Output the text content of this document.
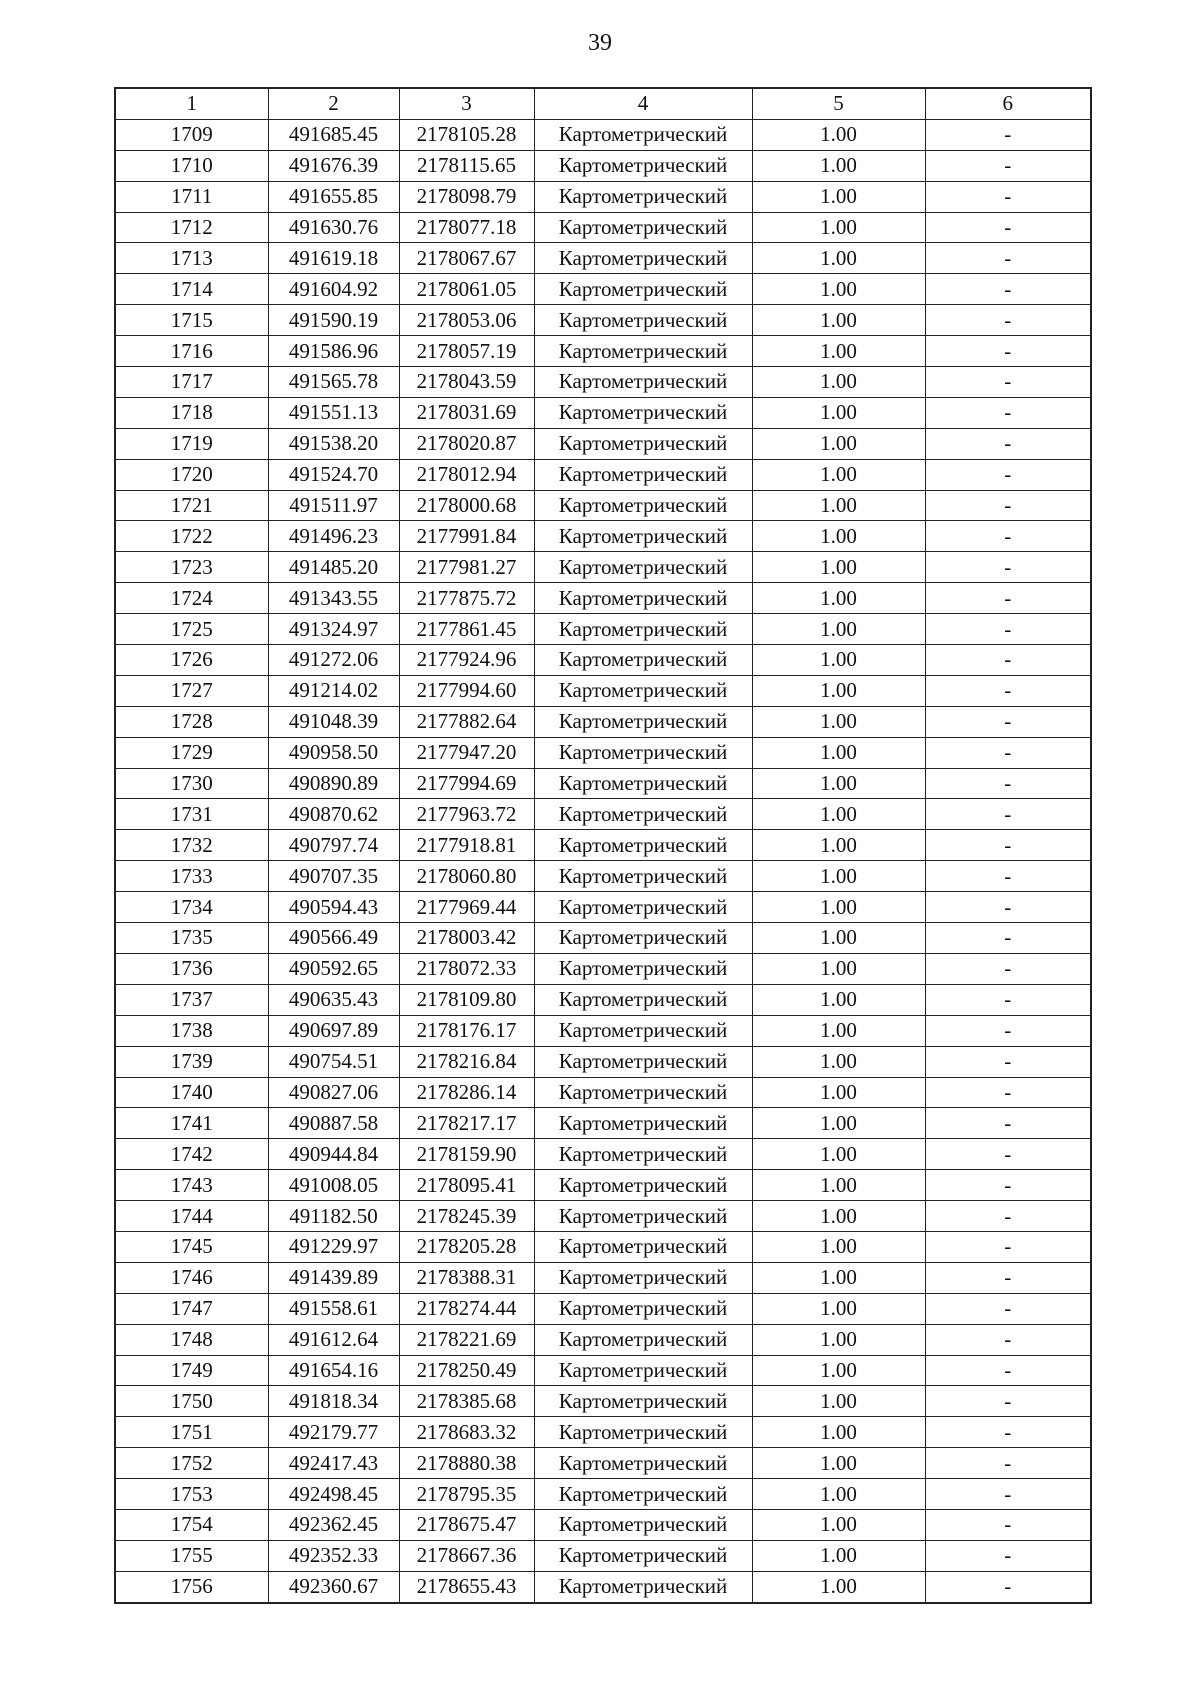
39
1	2	3	4	5	6
1709	491685.45	2178105.28	Картометрический	1.00	-
1710	491676.39	2178115.65	Картометрический	1.00	-
1711	491655.85	2178098.79	Картометрический	1.00	-
1712	491630.76	2178077.18	Картометрический	1.00	-
1713	491619.18	2178067.67	Картометрический	1.00	-
1714	491604.92	2178061.05	Картометрический	1.00	-
1715	491590.19	2178053.06	Картометрический	1.00	-
1716	491586.96	2178057.19	Картометрический	1.00	-
1717	491565.78	2178043.59	Картометрический	1.00	-
1718	491551.13	2178031.69	Картометрический	1.00	-
1719	491538.20	2178020.87	Картометрический	1.00	-
1720	491524.70	2178012.94	Картометрический	1.00	-
1721	491511.97	2178000.68	Картометрический	1.00	-
1722	491496.23	2177991.84	Картометрический	1.00	-
1723	491485.20	2177981.27	Картометрический	1.00	-
1724	491343.55	2177875.72	Картометрический	1.00	-
1725	491324.97	2177861.45	Картометрический	1.00	-
1726	491272.06	2177924.96	Картометрический	1.00	-
1727	491214.02	2177994.60	Картометрический	1.00	-
1728	491048.39	2177882.64	Картометрический	1.00	-
1729	490958.50	2177947.20	Картометрический	1.00	-
1730	490890.89	2177994.69	Картометрический	1.00	-
1731	490870.62	2177963.72	Картометрический	1.00	-
1732	490797.74	2177918.81	Картометрический	1.00	-
1733	490707.35	2178060.80	Картометрический	1.00	-
1734	490594.43	2177969.44	Картометрический	1.00	-
1735	490566.49	2178003.42	Картометрический	1.00	-
1736	490592.65	2178072.33	Картометрический	1.00	-
1737	490635.43	2178109.80	Картометрический	1.00	-
1738	490697.89	2178176.17	Картометрический	1.00	-
1739	490754.51	2178216.84	Картометрический	1.00	-
1740	490827.06	2178286.14	Картометрический	1.00	-
1741	490887.58	2178217.17	Картометрический	1.00	-
1742	490944.84	2178159.90	Картометрический	1.00	-
1743	491008.05	2178095.41	Картометрический	1.00	-
1744	491182.50	2178245.39	Картометрический	1.00	-
1745	491229.97	2178205.28	Картометрический	1.00	-
1746	491439.89	2178388.31	Картометрический	1.00	-
1747	491558.61	2178274.44	Картометрический	1.00	-
1748	491612.64	2178221.69	Картометрический	1.00	-
1749	491654.16	2178250.49	Картометрический	1.00	-
1750	491818.34	2178385.68	Картометрический	1.00	-
1751	492179.77	2178683.32	Картометрический	1.00	-
1752	492417.43	2178880.38	Картометрический	1.00	-
1753	492498.45	2178795.35	Картометрический	1.00	-
1754	492362.45	2178675.47	Картометрический	1.00	-
1755	492352.33	2178667.36	Картометрический	1.00	-
1756	492360.67	2178655.43	Картометрический	1.00	-
